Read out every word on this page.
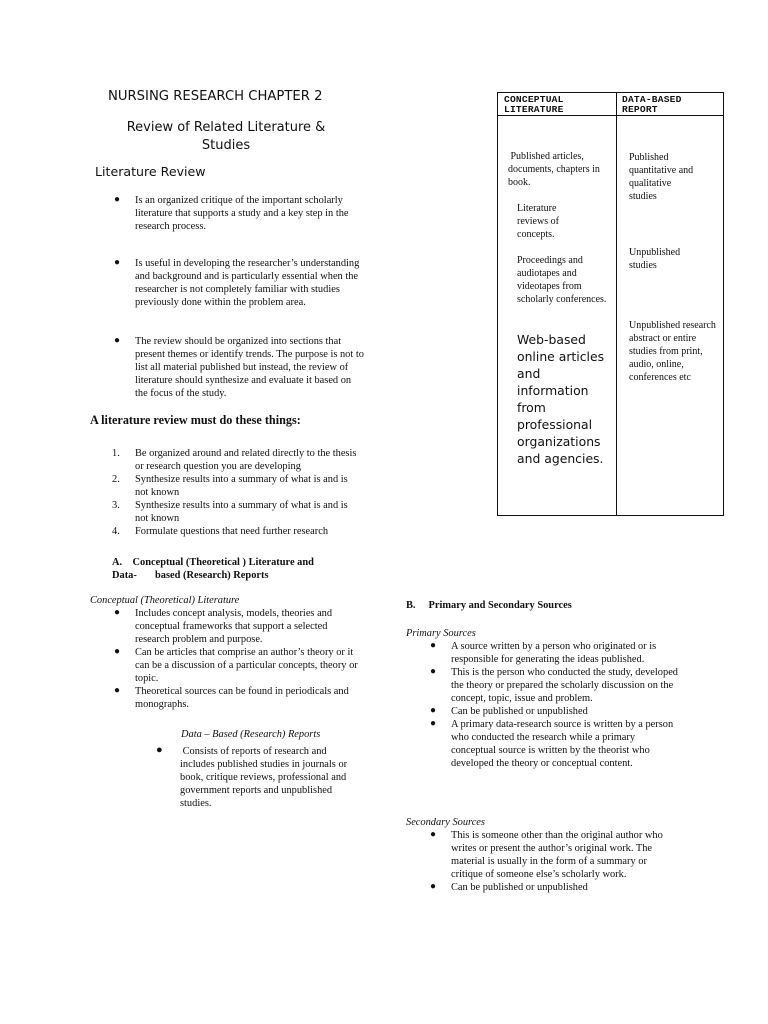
NURSING RESEARCH CHAPTER 2
Review of Related Literature & Studies
Literature Review
● Is an organized critique of the important scholarly literature that supports a study and a key step in the research process.
● Is useful in developing the researcher’s understanding and background and is particularly essential when the researcher is not completely familiar with studies previously done within the problem area.
● The review should be organized into sections that present themes or identify trends. The purpose is not to list all material published but instead, the review of literature should synthesize and evaluate it based on the focus of the study.
A literature review must do these things:
1. Be organized around and related directly to the thesis or research question you are developing
2. Synthesize results into a summary of what is and is not known
3. Synthesize results into a summary of what is and is not known
4. Formulate questions that need further research
A.    Conceptual (Theoretical ) Literature and
Data-       based (Research) Reports
Conceptual (Theoretical) Literature
● Includes concept analysis, models, theories and conceptual frameworks that support a selected research problem and purpose.
● Can be articles that comprise an author’s theory or it can be a discussion of a particular concepts, theory or topic.
● Theoretical sources can be found in periodicals and monographs.
Data – Based (Research) Reports
● Consists of reports of research and includes published studies in journals or book, critique reviews, professional and government reports and unpublished studies.
CONCEPTUAL LITERATURE
DATA-BASED REPORT
Published articles, documents, chapters in book.
Literature reviews of concepts.
Proceedings and audiotapes and videotapes from scholarly conferences.
Web-based online articles and information from professional organizations and agencies.
Published quantitative and qualitative studies
Unpublished studies
Unpublished research abstract or entire studies from print, audio, online, conferences etc
B.     Primary and Secondary Sources
Primary Sources
● A source written by a person who originated or is responsible for generating the ideas published.
● This is the person who conducted the study, developed the theory or prepared the scholarly discussion on the concept, topic, issue and problem.
● Can be published or unpublished
● A primary data-research source is written by a person who conducted the research while a primary conceptual source is written by the theorist who developed the theory or conceptual content.
Secondary Sources
● This is someone other than the original author who writes or present the author’s original work. The material is usually in the form of a summary or critique of someone else’s scholarly work.
● Can be published or unpublished
